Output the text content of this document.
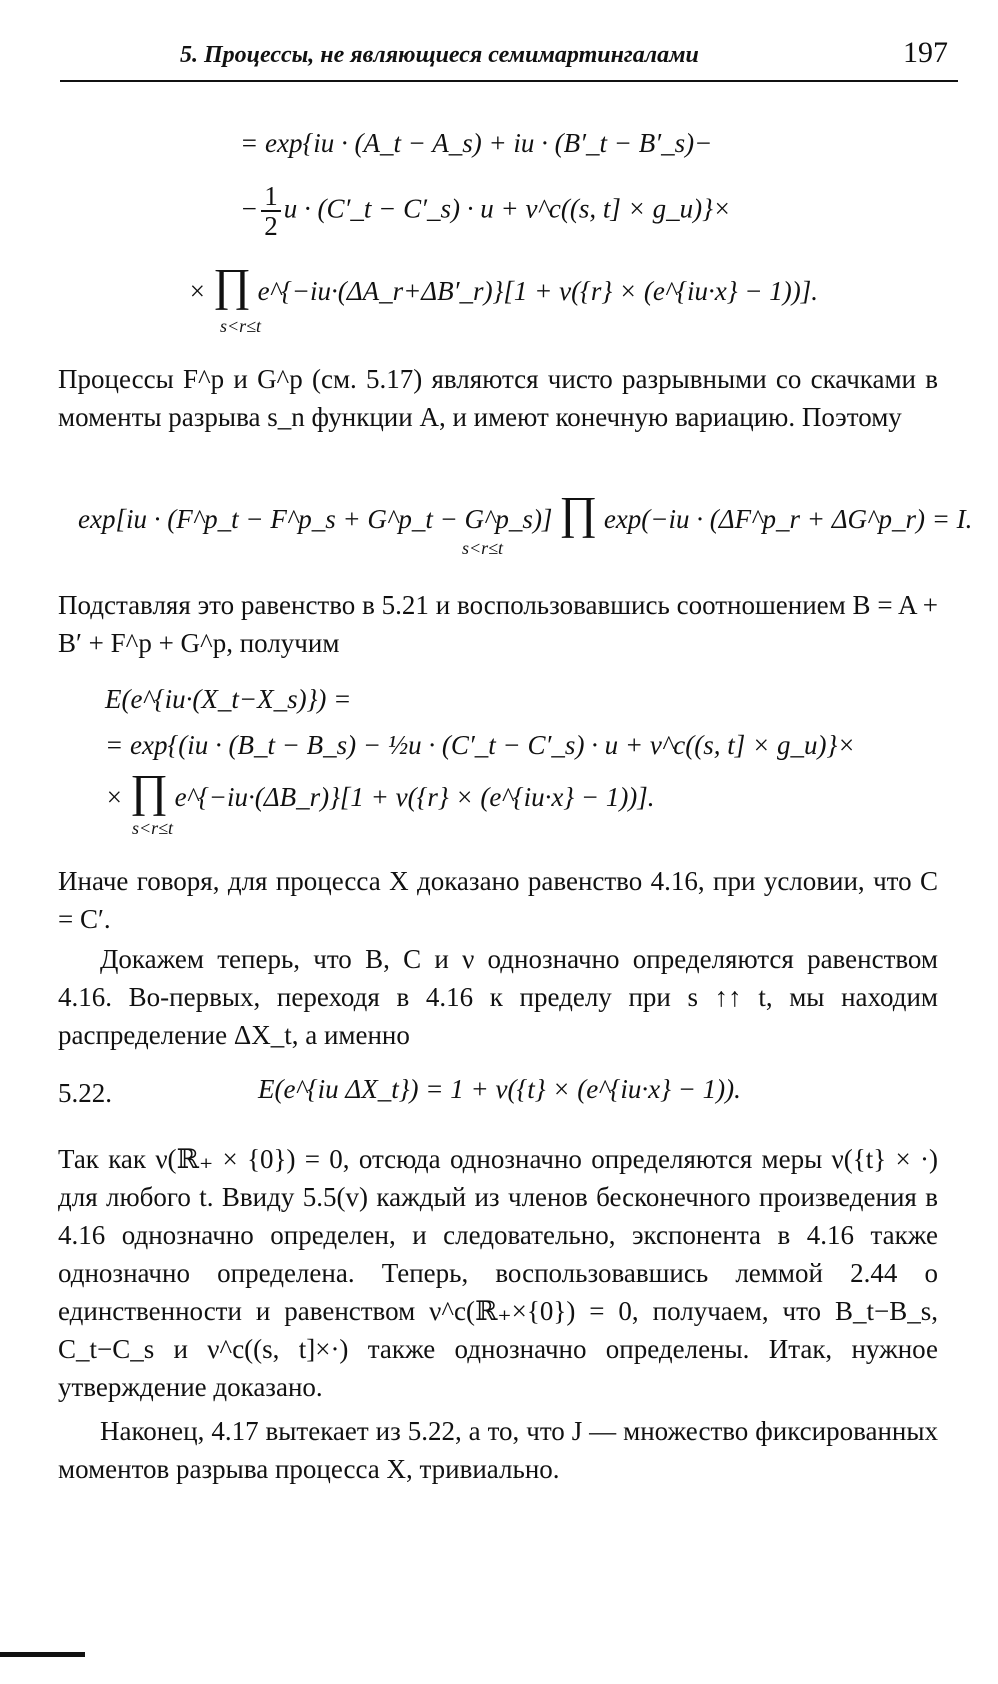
5. Процессы, не являющиеся семимартингалами	197
= exp{iu · (A_t − A_s) + iu · (B′_t − B′_s)−
− $\frac{1}{2}$ u · (C′_t − C′_s) · u + ν^c((s, t] × g_u)}×
× ∏ e^{−iu·(ΔA_r+ΔB′_r)}[1 + ν({r} × (e^{iu·x} − 1))].
s<r≤t
Процессы F^p и G^p (см. 5.17) являются чисто разрывными со скачками в моменты разрыва s_n функции A, и имеют конечную вариацию. Поэтому
exp[iu · (F^p_t − F^p_s + G^p_t − G^p_s)] ∏ exp(−iu · (ΔF^p_r + ΔG^p_r) = I.
s<r≤t
Подставляя это равенство в 5.21 и воспользовавшись соотношением B = A + B′ + F^p + G^p, получим
E(e^{iu·(X_t−X_s)}) =
= exp{(iu · (B_t − B_s) − ½u · (C′_t − C′_s) · u + ν^c((s, t] × g_u)}×
× ∏ e^{−iu·(ΔB_r)}[1 + ν({r} × (e^{iu·x} − 1))].
s<r≤t
Иначе говоря, для процесса X доказано равенство 4.16, при условии, что C = C′.
Докажем теперь, что B, C и ν однозначно определяются равенством 4.16. Во-первых, переходя в 4.16 к пределу при s ↑↑ t, мы находим распределение ΔX_t, а именно
5.22.	E(e^{iu ΔX_t}) = 1 + ν({t} × (e^{iu·x} − 1)).
Так как ν(ℝ₊ × {0}) = 0, отсюда однозначно определяются меры ν({t} × ·) для любого t. Ввиду 5.5(v) каждый из членов бесконечного произведения в 4.16 однозначно определен, и следовательно, экспонента в 4.16 также однозначно определена. Теперь, воспользовавшись леммой 2.44 о единственности и равенством ν^c(ℝ₊×{0}) = 0, получаем, что B_t−B_s, C_t−C_s и ν^c((s, t]×·) также однозначно определены. Итак, нужное утверждение доказано.
Наконец, 4.17 вытекает из 5.22, а то, что J — множество фиксированных моментов разрыва процесса X, тривиально.
